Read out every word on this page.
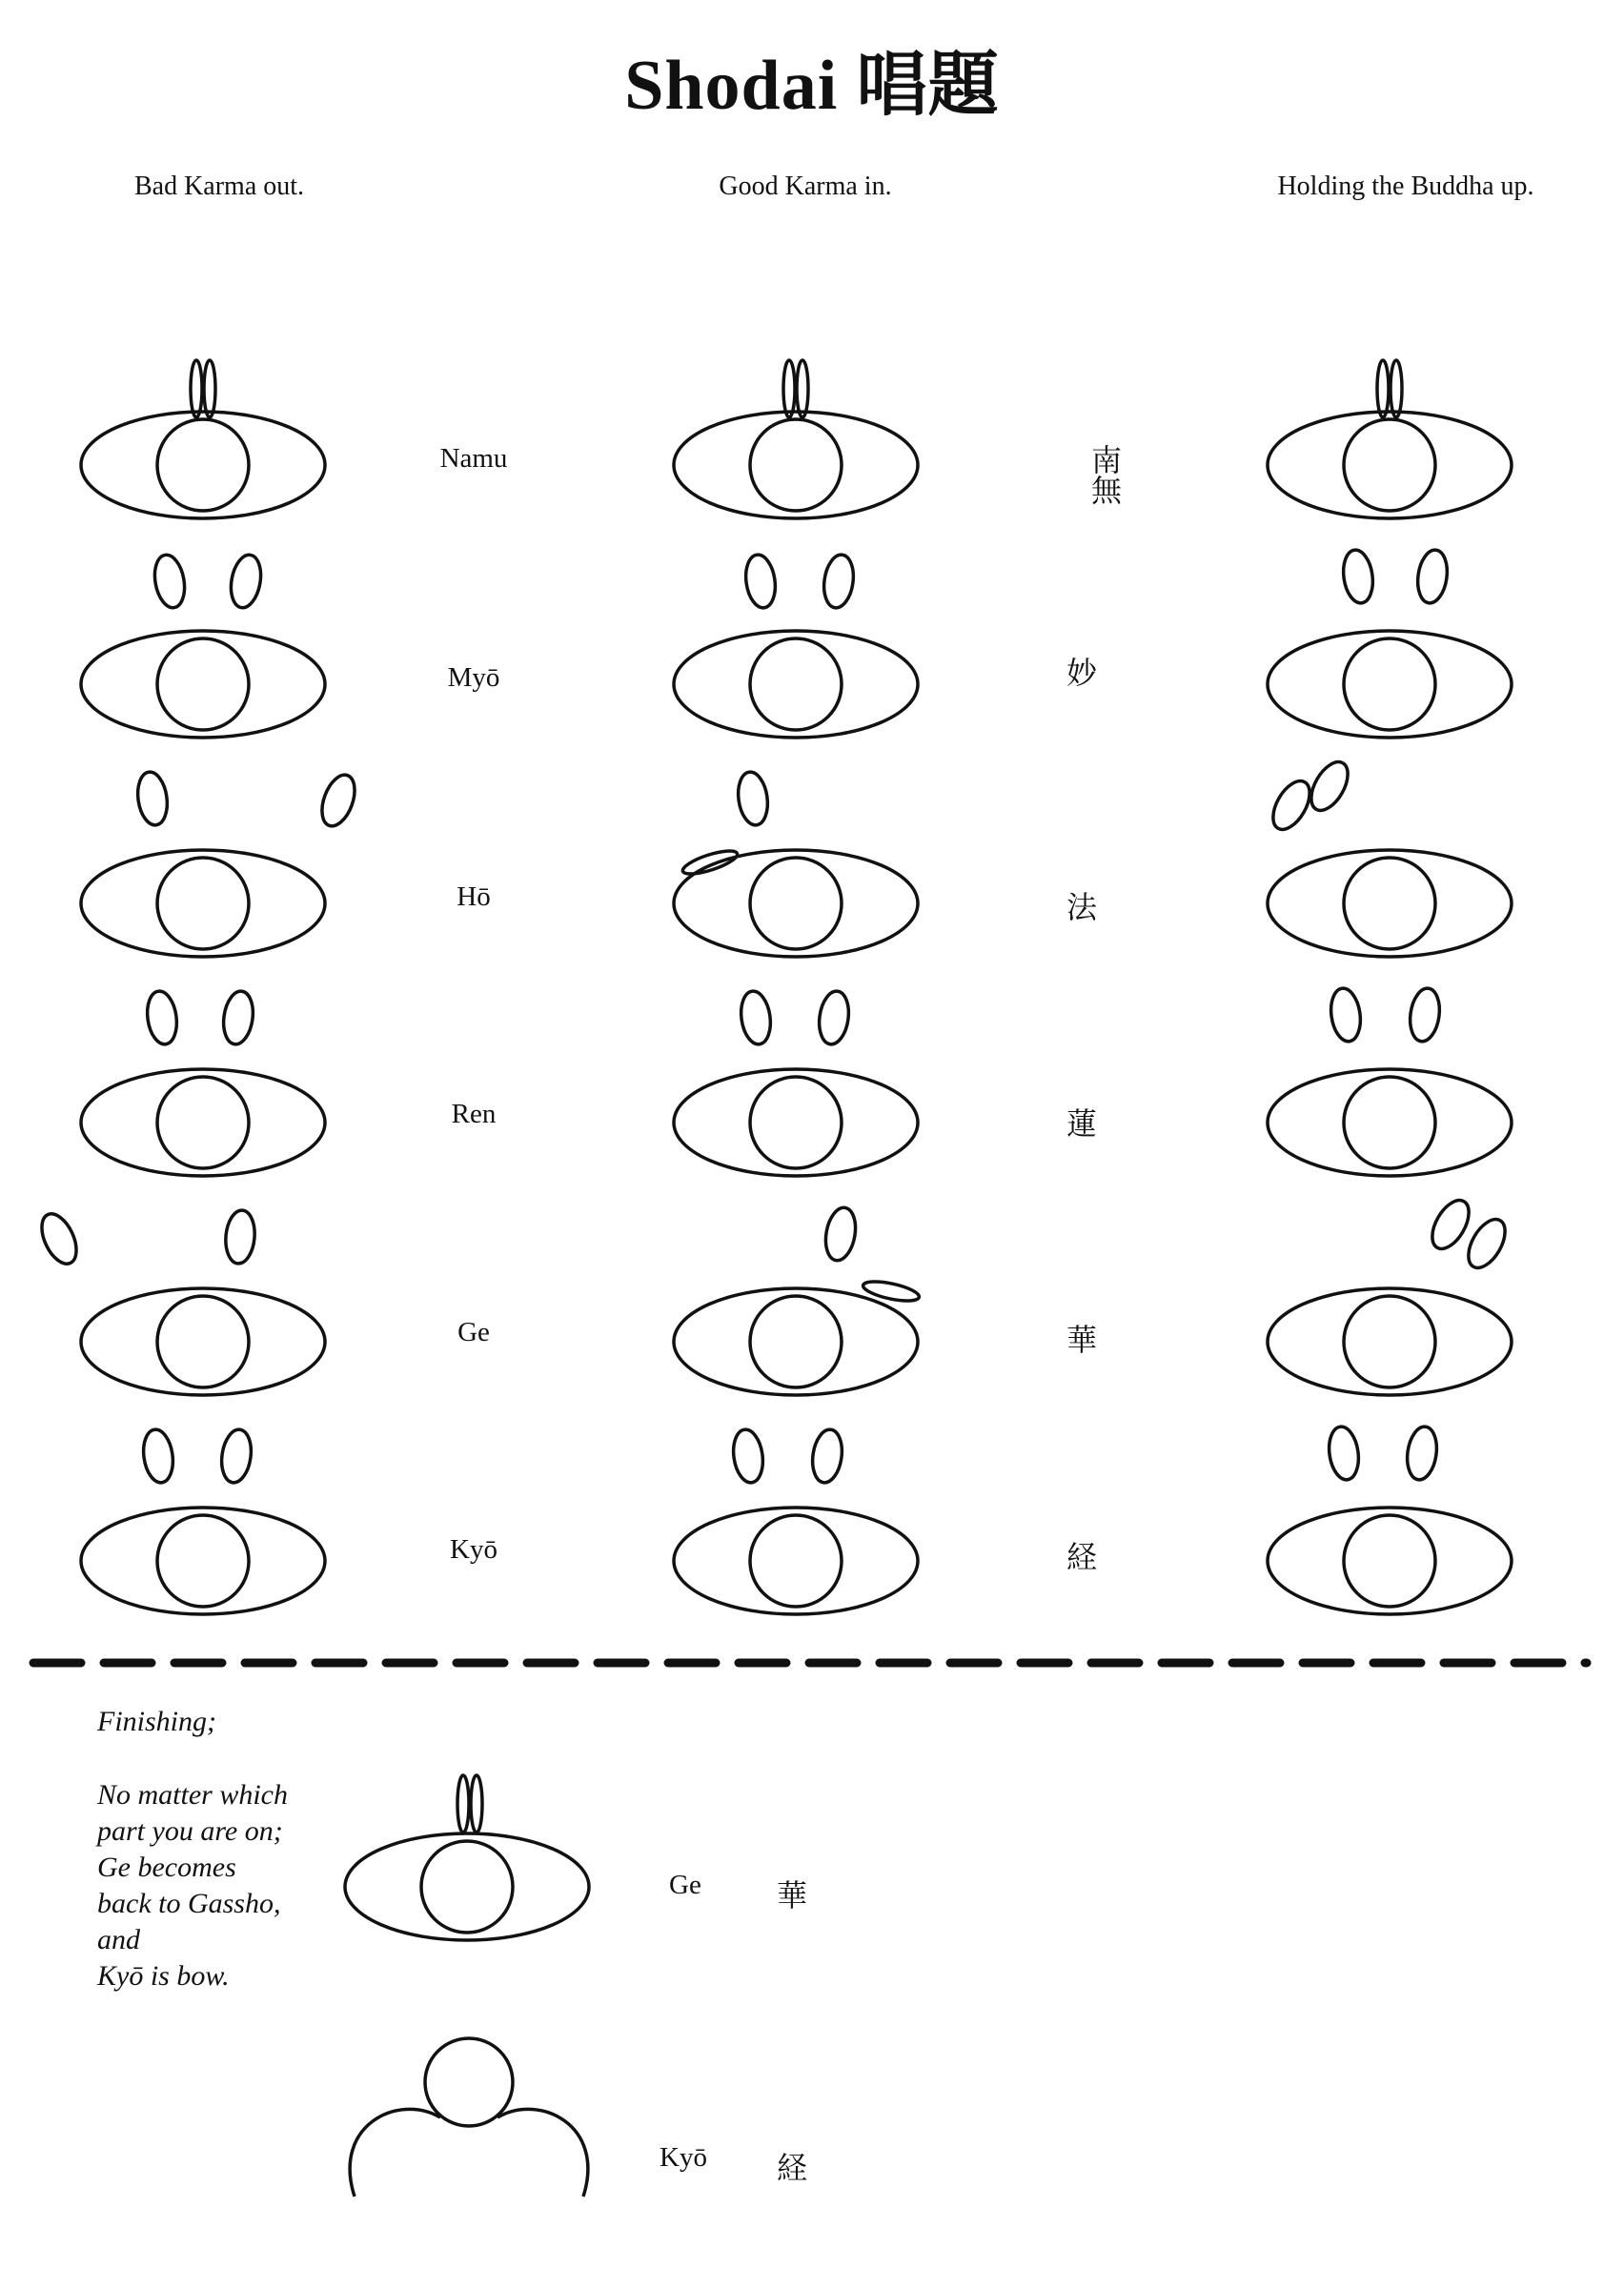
Shodai 唱題
Bad Karma out.	Good Karma in.	Holding the Buddha up.
Namu
Myō
Hō
Ren
Ge
Kyō
南無
妙
法
蓮
華
経
Finishing;
No matter which
part you are on;
Ge becomes
back to Gassho,
and
Kyō is bow.
Ge 華
Kyō 経
